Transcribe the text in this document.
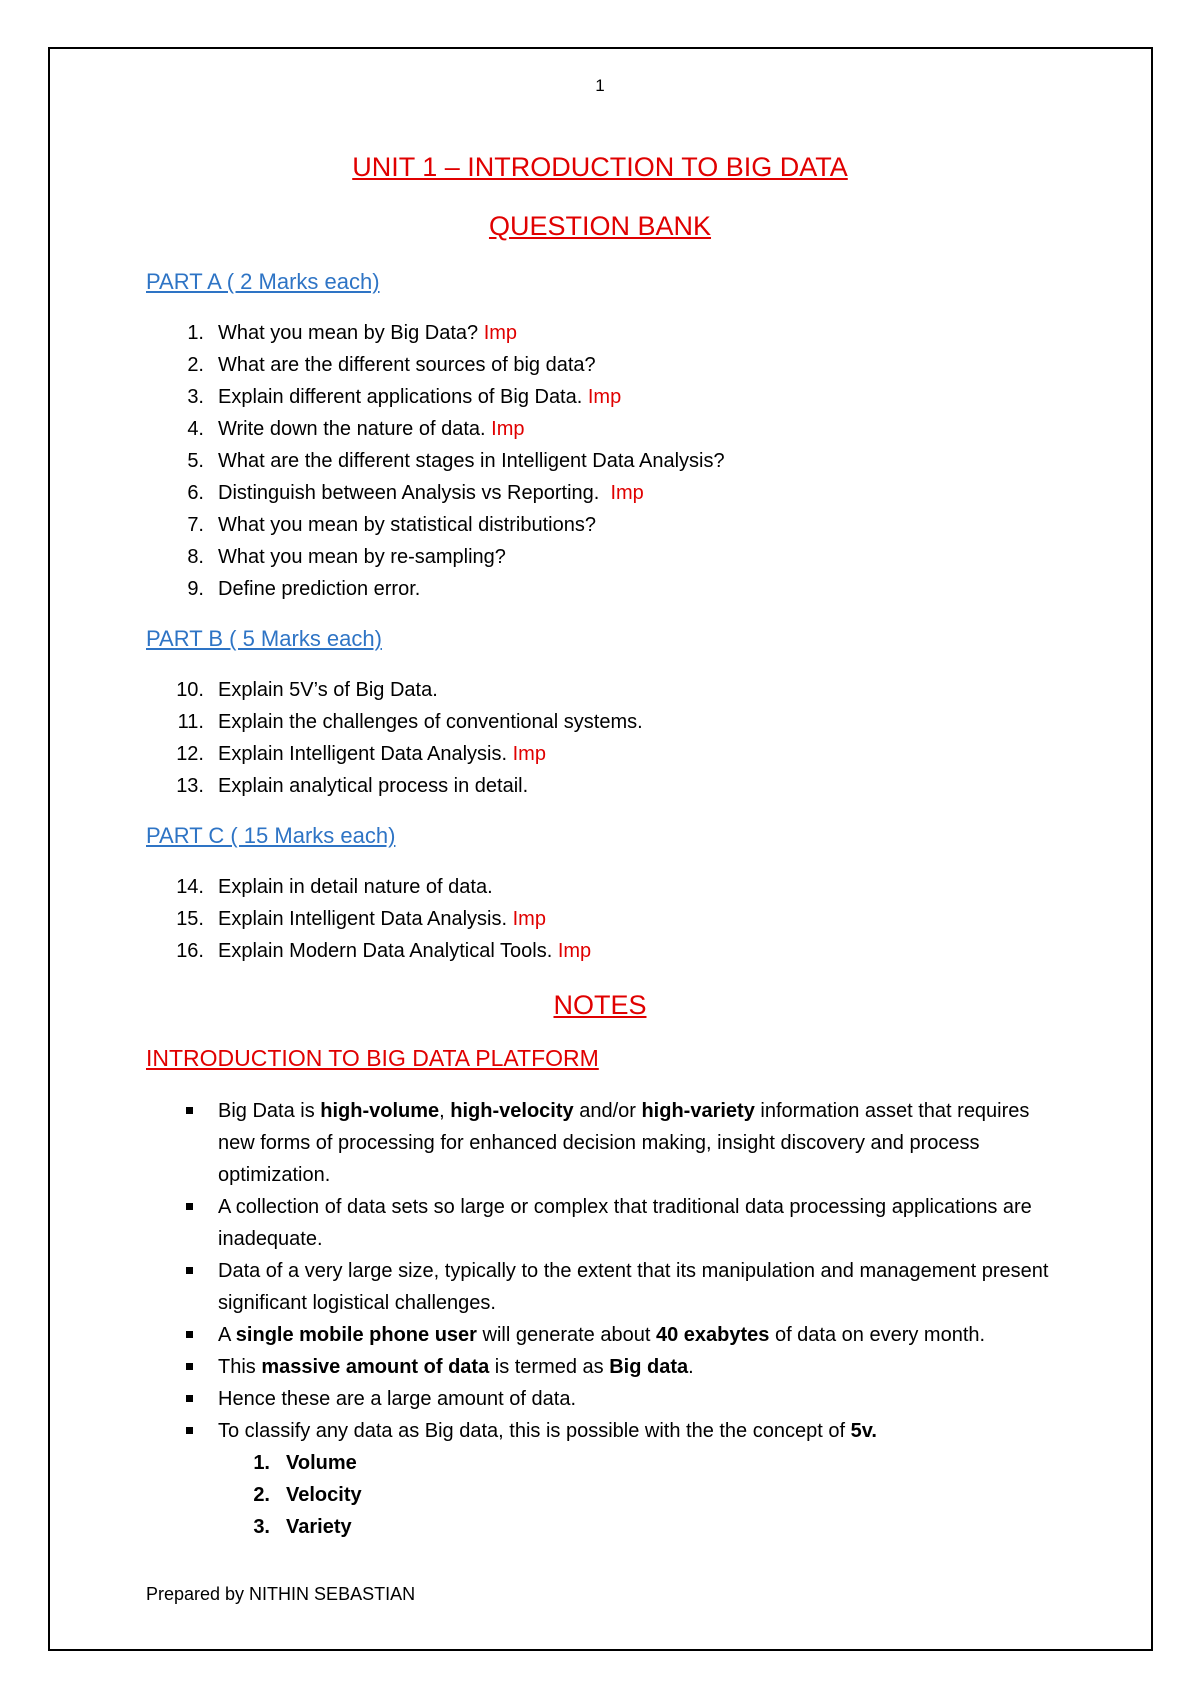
1
UNIT 1 – INTRODUCTION TO BIG DATA
QUESTION BANK
PART A ( 2 Marks each)
1. What you mean by Big Data? Imp
2. What are the different sources of big data?
3. Explain different applications of Big Data. Imp
4. Write down the nature of data. Imp
5. What are the different stages in Intelligent Data Analysis?
6. Distinguish between Analysis vs Reporting. Imp
7. What you mean by statistical distributions?
8. What you mean by re-sampling?
9. Define prediction error.
PART B ( 5 Marks each)
10. Explain 5V’s of Big Data.
11. Explain the challenges of conventional systems.
12. Explain Intelligent Data Analysis. Imp
13. Explain analytical process in detail.
PART C ( 15 Marks each)
14. Explain in detail nature of data.
15. Explain Intelligent Data Analysis. Imp
16. Explain Modern Data Analytical Tools. Imp
NOTES
INTRODUCTION TO BIG DATA PLATFORM
Big Data is high-volume, high-velocity and/or high-variety information asset that requires new forms of processing for enhanced decision making, insight discovery and process optimization.
A collection of data sets so large or complex that traditional data processing applications are inadequate.
Data of a very large size, typically to the extent that its manipulation and management present significant logistical challenges.
A single mobile phone user will generate about 40 exabytes of data on every month.
This massive amount of data is termed as Big data.
Hence these are a large amount of data.
To classify any data as Big data, this is possible with the the concept of 5v.
1. Volume
2. Velocity
3. Variety
Prepared by NITHIN SEBASTIAN
